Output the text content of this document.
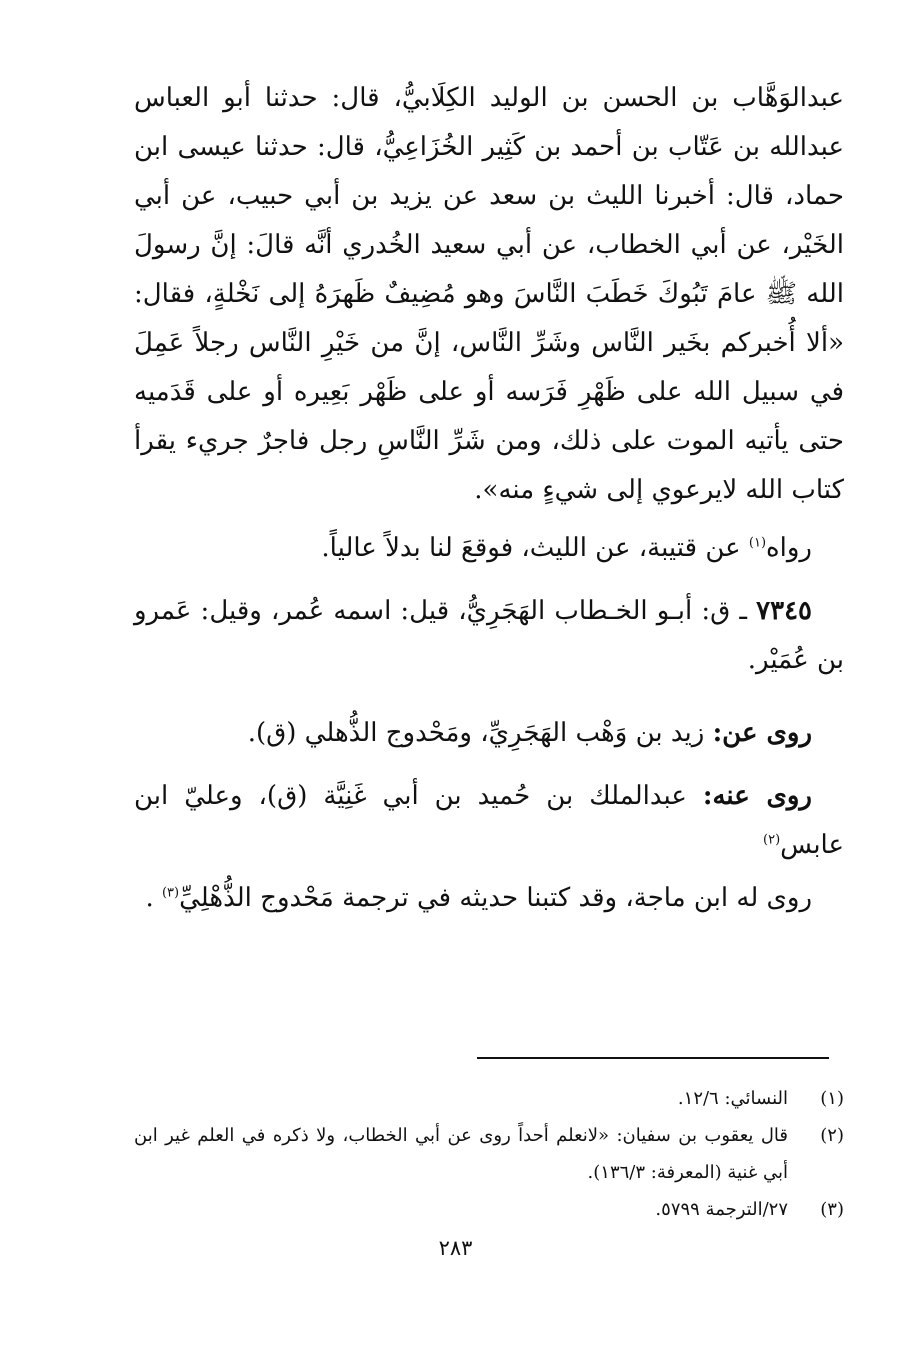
عبدالوَهَّاب بن الحسن بن الوليد الكِلَابيُّ، قال: حدثنا أبو العباس عبدالله بن عَتّاب بن أحمد بن كَثِير الخُزَاعِيُّ، قال: حدثنا عيسى ابن حماد، قال: أخبرنا الليث بن سعد عن يزيد بن أبي حبيب، عن أبي الخَيْر، عن أبي الخطاب، عن أبي سعيد الخُدري أنَّه قالَ: إنَّ رسولَ الله ﷺ عامَ تَبُوكَ خَطَبَ النَّاسَ وهو مُضِيفٌ ظَهرَهُ إلى نَخْلةٍ، فقال: «ألا أُخبركم بخَير النَّاس وشَرِّ النَّاس، إنَّ من خَيْرِ النَّاس رجلاً عَمِلَ في سبيل الله على ظَهْرِ فَرَسه أو على ظَهْر بَعِيره أو على قَدَميه حتى يأتيه الموت على ذلك، ومن شَرِّ النَّاسِ رجل فاجرٌ جريء يقرأ كتاب الله لايرعوي إلى شيءٍ منه».

رواه$^{(١)}$ عن قتيبة، عن الليث، فوقعَ لنا بدلاً عالياً.

٧٣٤٥ ـ ق: أبـو الخـطاب الهَجَرِيُّ، قيل: اسمه عُمر، وقيل: عَمرو بن عُمَيْر.

روى عن: زيد بن وَهْب الهَجَرِيِّ، ومَحْدوج الذُّهلي (ق).

روى عنه: عبدالملك بن حُميد بن أبي غَنِيَّة (ق)، وعليّ ابن عابس$^{(٢)}$

روى له ابن ماجة، وقد كتبنا حديثه في ترجمة مَحْدوج الذُّهْلِيِّ$^{(٣)}$ .

(١)
النسائي: ١٢/٦.
(٢)
قال يعقوب بن سفيان: «لانعلم أحداً روى عن أبي الخطاب، ولا ذكره في العلم غير ابن أبي غنية (المعرفة: ١٣٦/٣).
(٣)
٢٧/الترجمة ٥٧٩٩.
٢٨٣
